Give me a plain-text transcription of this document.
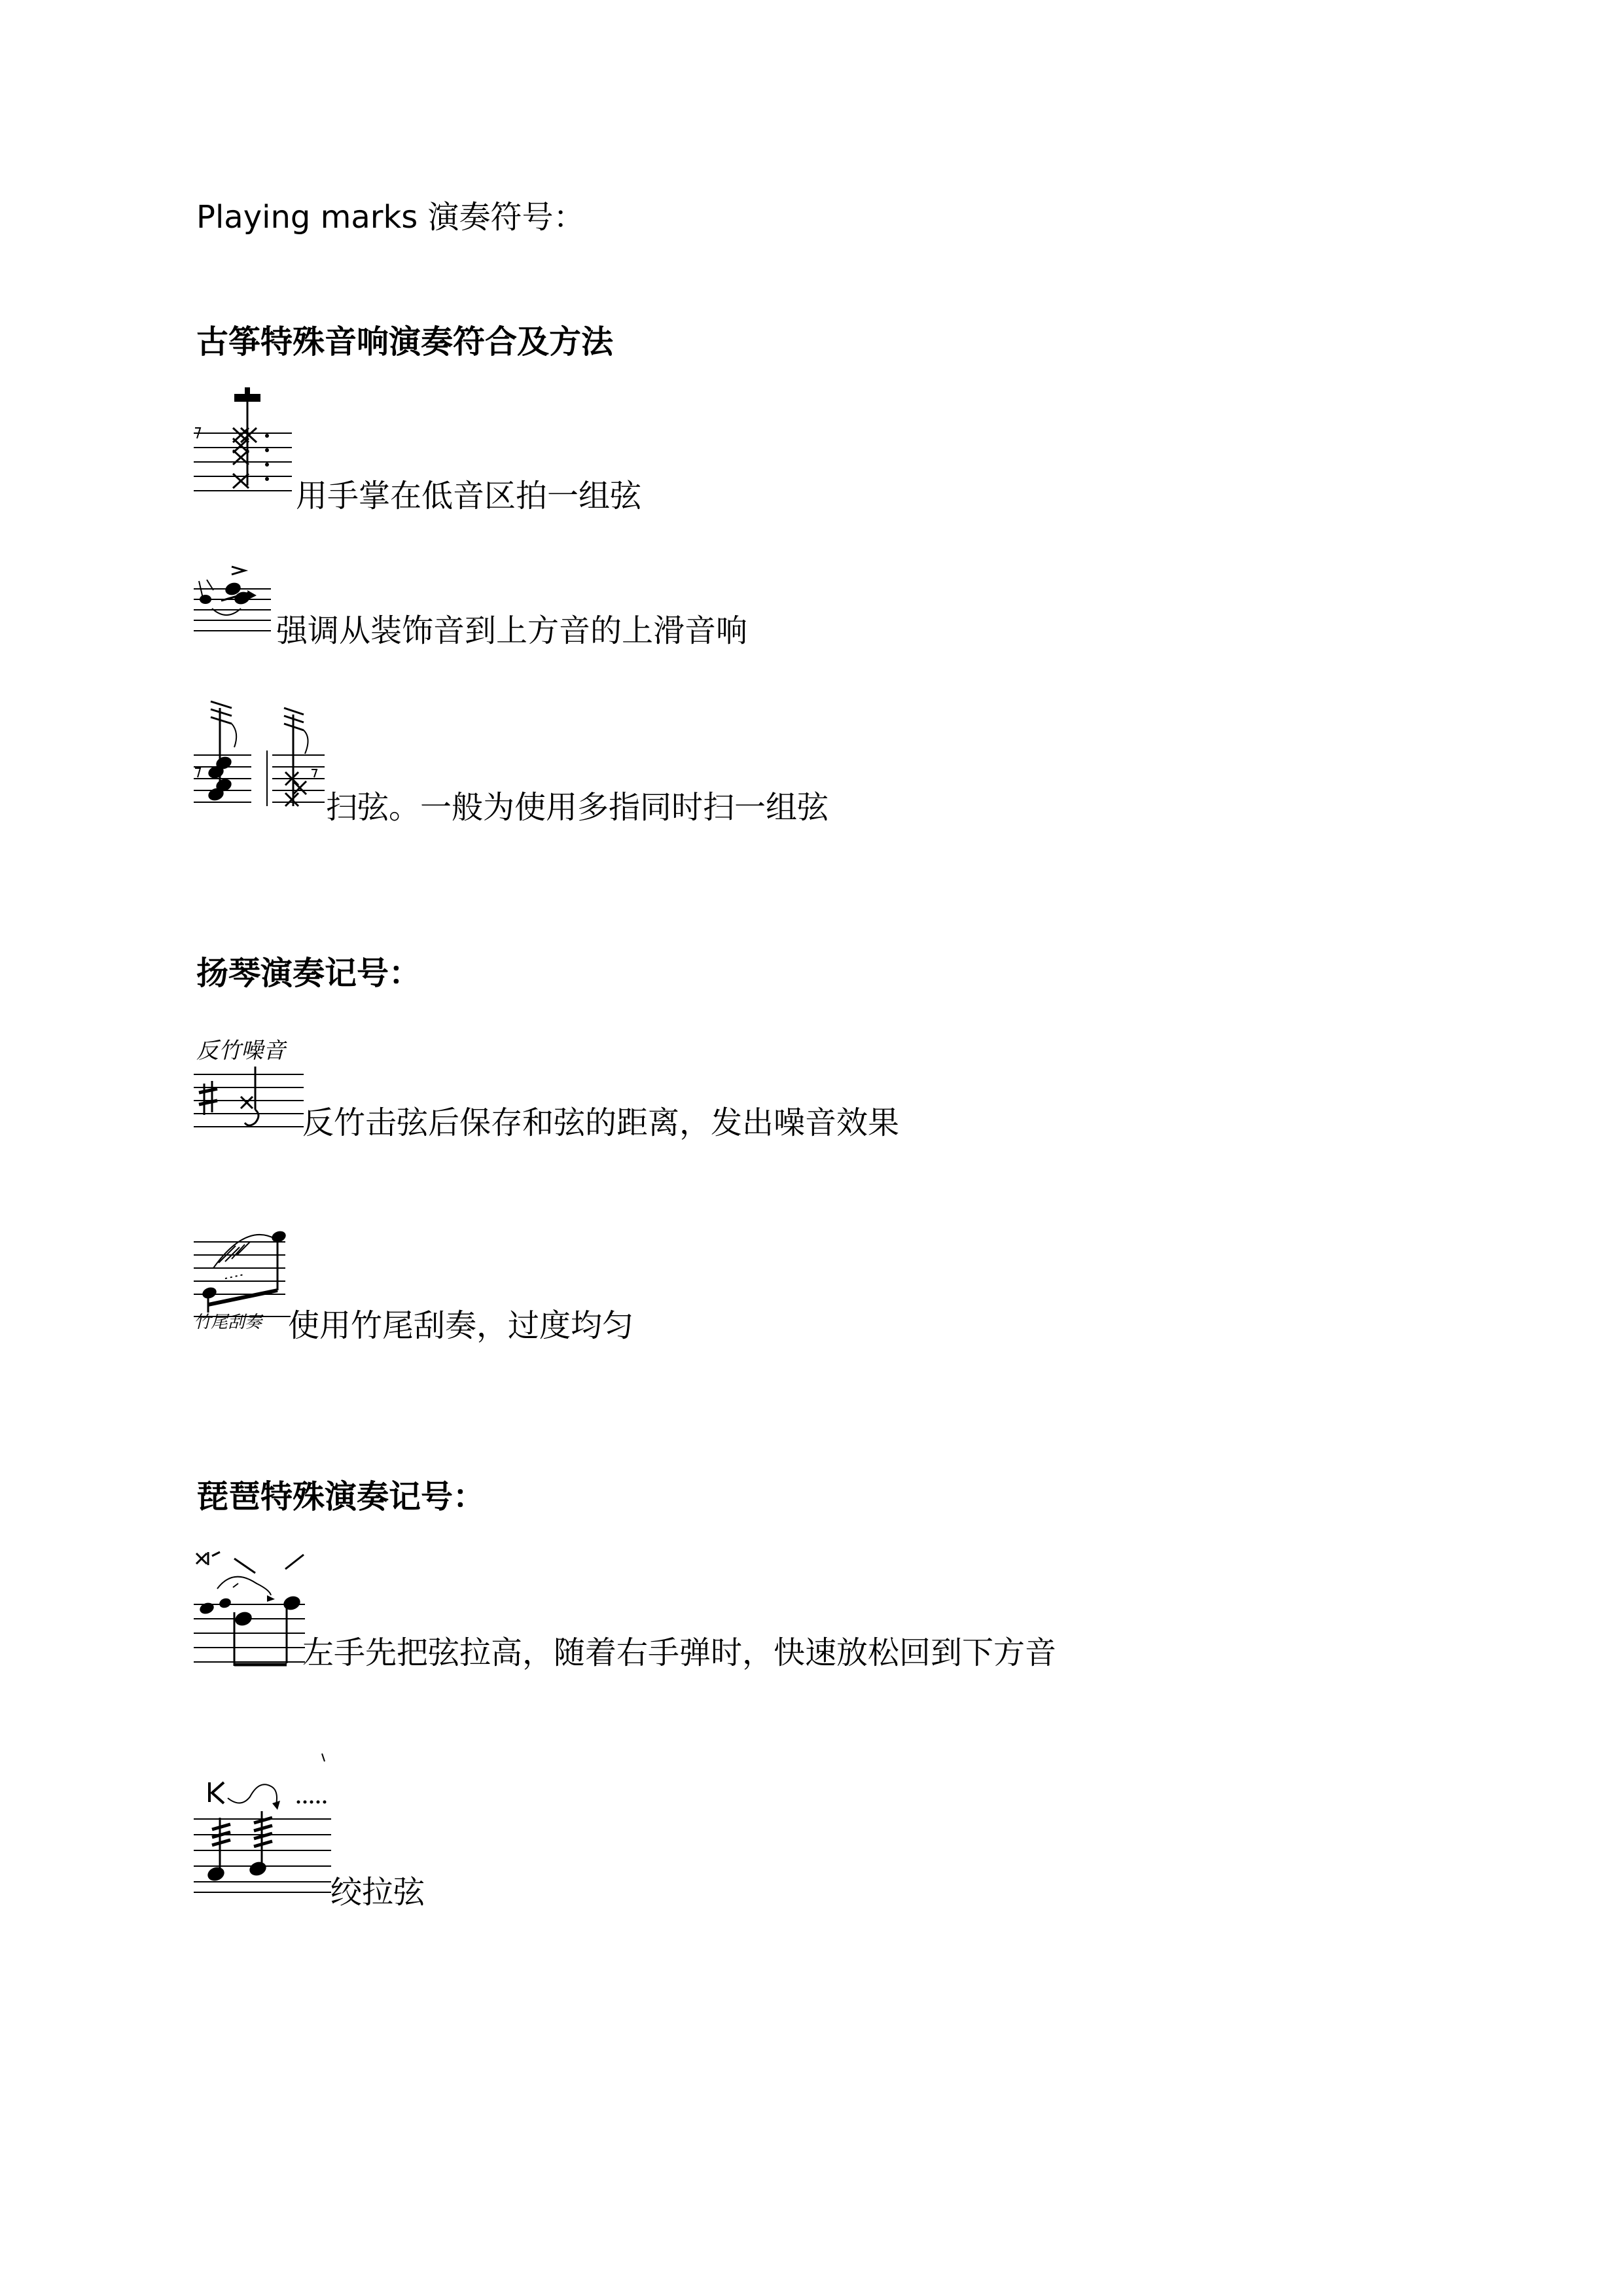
Playing marks 演奏符号：
古筝特殊音响演奏符合及方法
用手掌在低音区拍一组弦
强调从装饰音到上方音的上滑音响
扫弦。一般为使用多指同时扫一组弦
扬琴演奏记号：
反竹噪音
反竹击弦后保存和弦的距离，发出噪音效果
竹尾刮奏 使用竹尾刮奏，过度均匀
琵琶特殊演奏记号：
左手先把弦拉高，随着右手弹时，快速放松回到下方音
绞拉弦
